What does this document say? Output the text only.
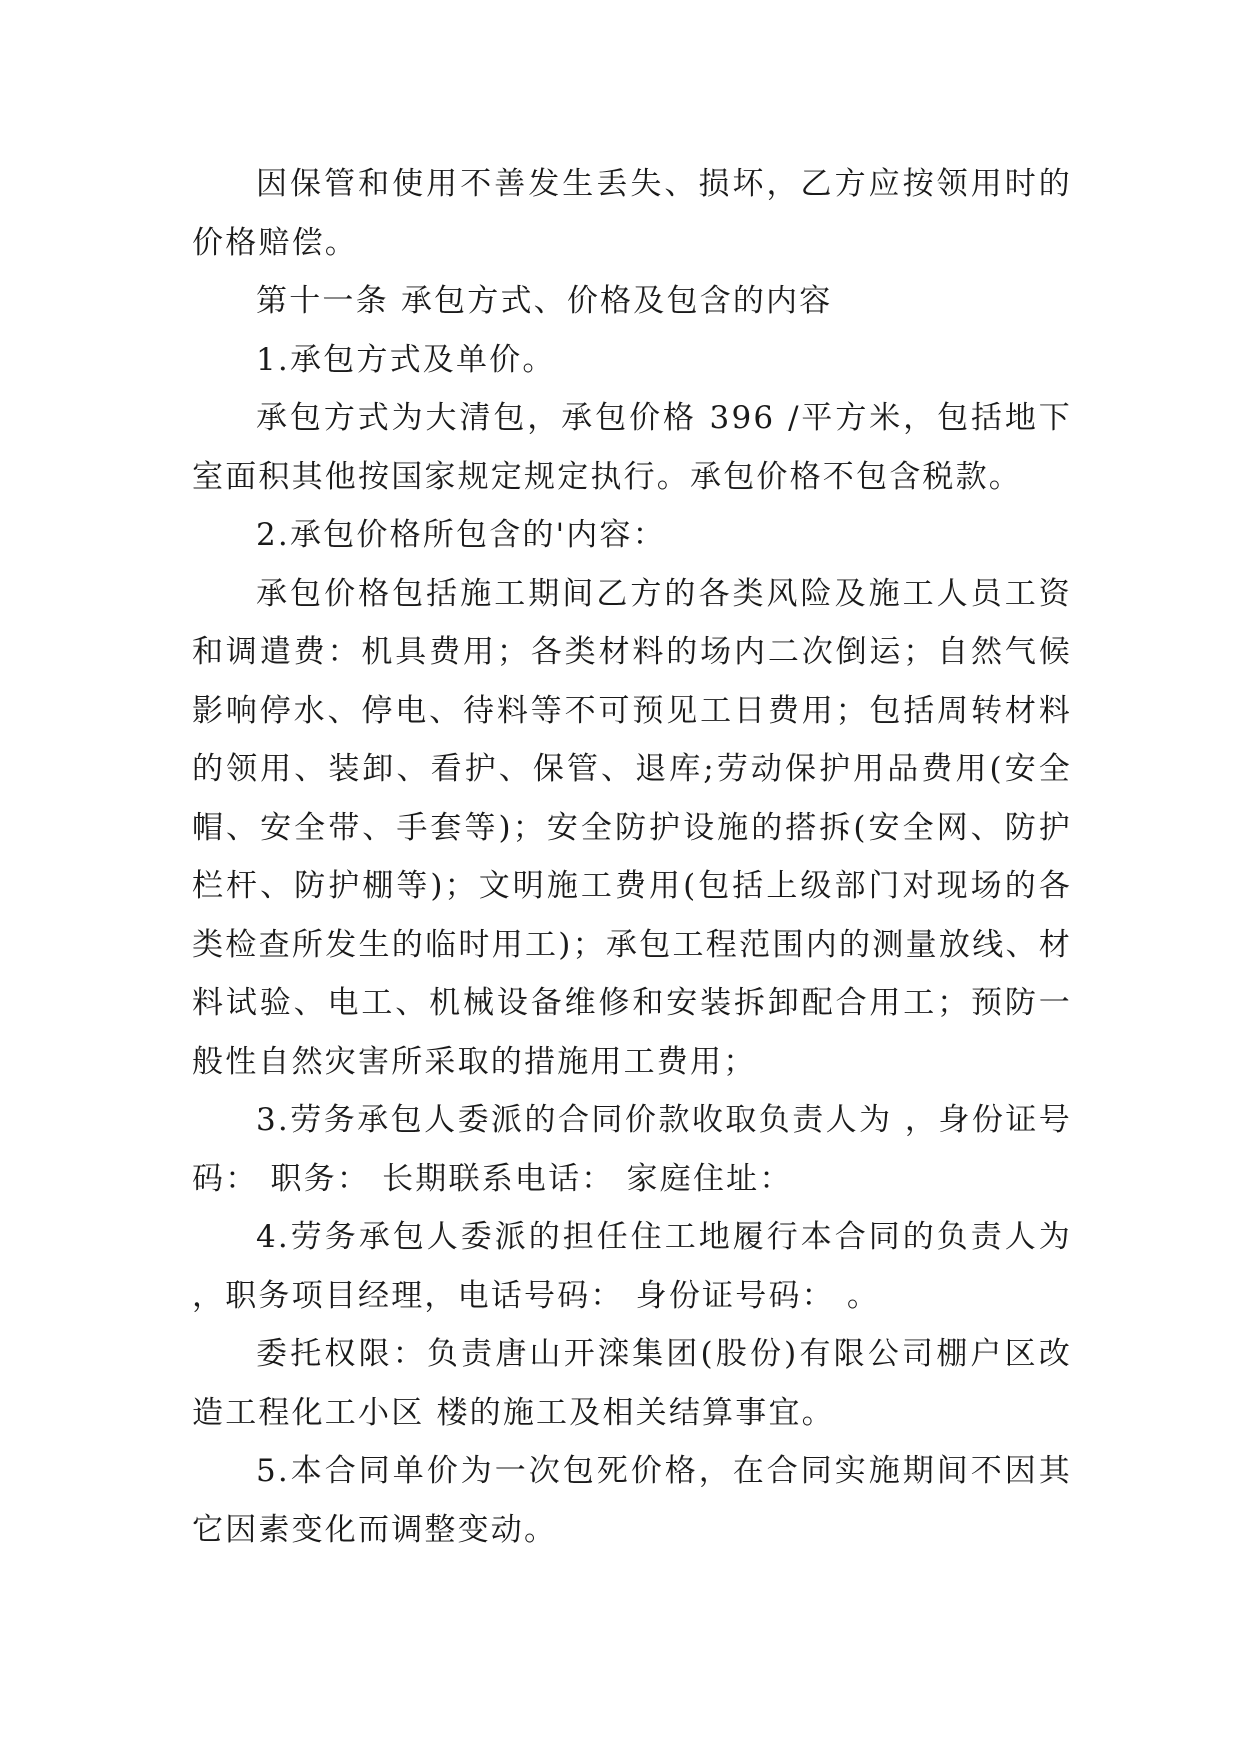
因保管和使用不善发生丢失、损坏，乙方应按领用时的价格赔偿。

第十一条 承包方式、价格及包含的内容

1.承包方式及单价。

承包方式为大清包，承包价格 396 /平方米，包括地下室面积其他按国家规定规定执行。承包价格不包含税款。

2.承包价格所包含的'内容：

承包价格包括施工期间乙方的各类风险及施工人员工资和调遣费：机具费用；各类材料的场内二次倒运；自然气候影响停水、停电、待料等不可预见工日费用；包括周转材料的领用、装卸、看护、保管、退库;劳动保护用品费用(安全帽、安全带、手套等)；安全防护设施的搭拆(安全网、防护栏杆、防护棚等)；文明施工费用(包括上级部门对现场的各类检查所发生的临时用工)；承包工程范围内的测量放线、材料试验、电工、机械设备维修和安装拆卸配合用工；预防一般性自然灾害所采取的措施用工费用；

3.劳务承包人委派的合同价款收取负责人为 ，身份证号码： 职务： 长期联系电话： 家庭住址：

4.劳务承包人委派的担任住工地履行本合同的负责人为 ，职务项目经理，电话号码： 身份证号码： 。

委托权限：负责唐山开滦集团(股份)有限公司棚户区改造工程化工小区 楼的施工及相关结算事宜。

5.本合同单价为一次包死价格，在合同实施期间不因其它因素变化而调整变动。
